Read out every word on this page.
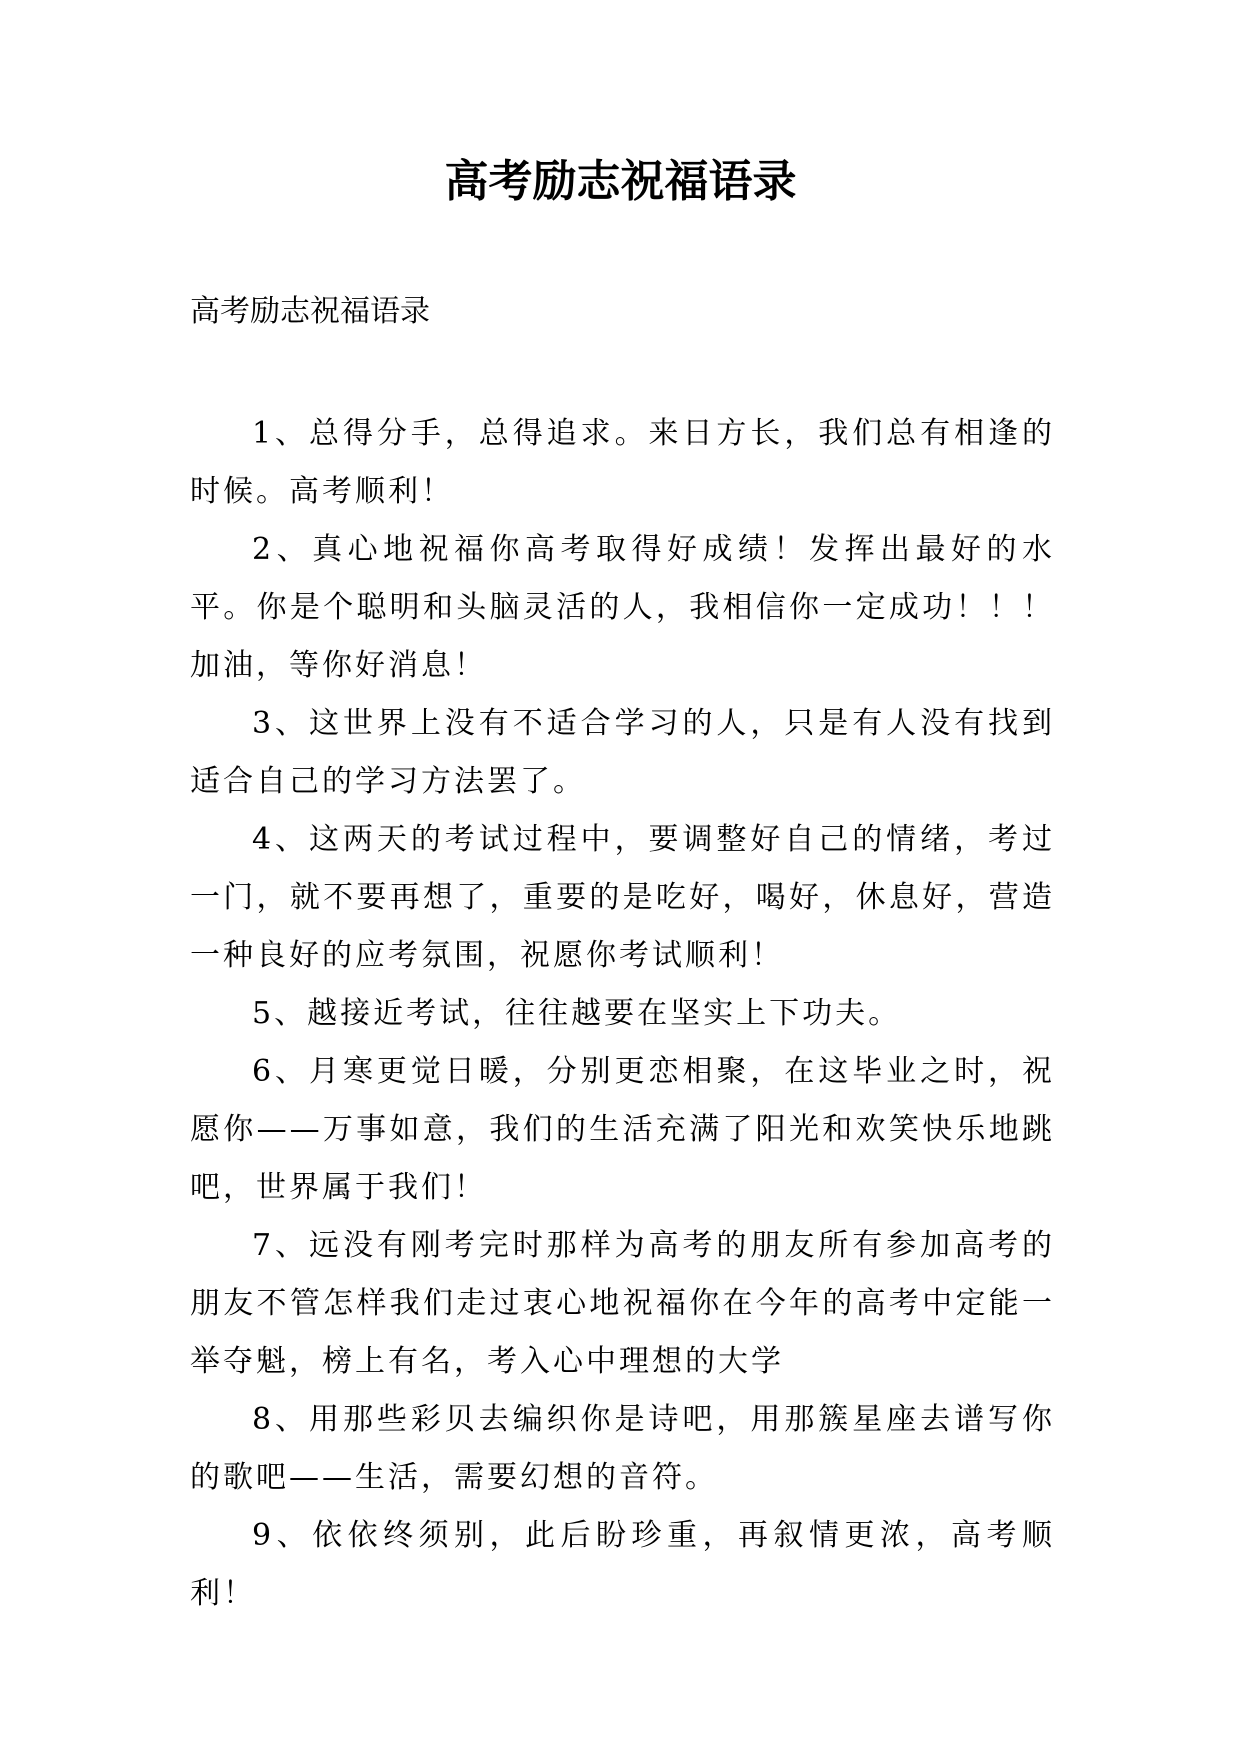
高考励志祝福语录
高考励志祝福语录

1、总得分手，总得追求。来日方长，我们总有相逢的时候。高考顺利！

2、真心地祝福你高考取得好成绩！发挥出最好的水平。你是个聪明和头脑灵活的人，我相信你一定成功！！！加油，等你好消息！

3、这世界上没有不适合学习的人，只是有人没有找到适合自己的学习方法罢了。

4、这两天的考试过程中，要调整好自己的情绪，考过一门，就不要再想了，重要的是吃好，喝好，休息好，营造一种良好的应考氛围，祝愿你考试顺利！

5、越接近考试，往往越要在坚实上下功夫。

6、月寒更觉日暖，分别更恋相聚，在这毕业之时，祝愿你——万事如意，我们的生活充满了阳光和欢笑快乐地跳吧，世界属于我们！

7、远没有刚考完时那样为高考的朋友所有参加高考的朋友不管怎样我们走过衷心地祝福你在今年的高考中定能一举夺魁，榜上有名，考入心中理想的大学

8、用那些彩贝去编织你是诗吧，用那簇星座去谱写你的歌吧——生活，需要幻想的音符。

9、依依终须别，此后盼珍重，再叙情更浓，高考顺利！
